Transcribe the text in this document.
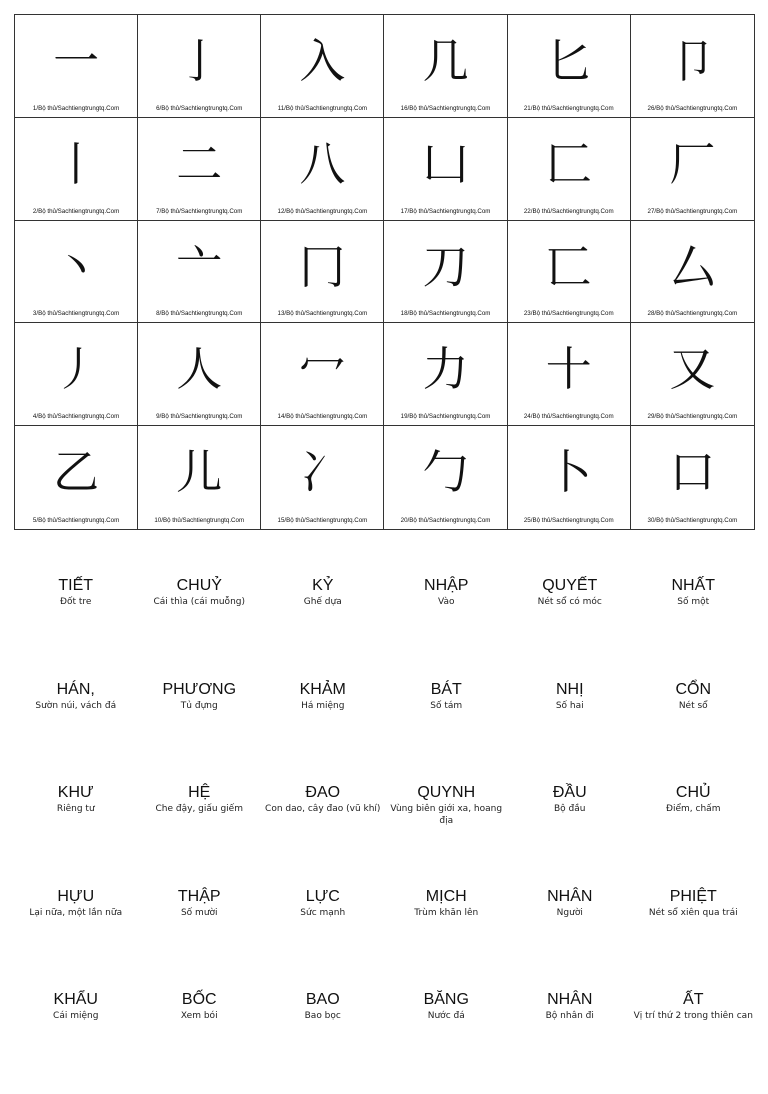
一
1/Bộ thủ/Sachtiengtrungtq.Com
亅
6/Bộ thủ/Sachtiengtrungtq.Com
入
11/Bộ thủ/Sachtiengtrungtq.Com
几
16/Bộ thủ/Sachtiengtrungtq.Com
匕
21/Bộ thủ/Sachtiengtrungtq.Com
卩
26/Bộ thủ/Sachtiengtrungtq.Com
丨
2/Bộ thủ/Sachtiengtrungtq.Com
二
7/Bộ thủ/Sachtiengtrungtq.Com
八
12/Bộ thủ/Sachtiengtrungtq.Com
凵
17/Bộ thủ/Sachtiengtrungtq.Com
匚
22/Bộ thủ/Sachtiengtrungtq.Com
厂
27/Bộ thủ/Sachtiengtrungtq.Com
丶
3/Bộ thủ/Sachtiengtrungtq.Com
亠
8/Bộ thủ/Sachtiengtrungtq.Com
冂
13/Bộ thủ/Sachtiengtrungtq.Com
刀
18/Bộ thủ/Sachtiengtrungtq.Com
匸
23/Bộ thủ/Sachtiengtrungtq.Com
厶
28/Bộ thủ/Sachtiengtrungtq.Com
丿
4/Bộ thủ/Sachtiengtrungtq.Com
人
9/Bộ thủ/Sachtiengtrungtq.Com
冖
14/Bộ thủ/Sachtiengtrungtq.Com
力
19/Bộ thủ/Sachtiengtrungtq.Com
十
24/Bộ thủ/Sachtiengtrungtq.Com
又
29/Bộ thủ/Sachtiengtrungtq.Com
乙
5/Bộ thủ/Sachtiengtrungtq.Com
儿
10/Bộ thủ/Sachtiengtrungtq.Com
冫
15/Bộ thủ/Sachtiengtrungtq.Com
勹
20/Bộ thủ/Sachtiengtrungtq.Com
卜
25/Bộ thủ/Sachtiengtrungtq.Com
口
30/Bộ thủ/Sachtiengtrungtq.Com
TIẾT
Đốt tre
CHUỶ
Cái thìa (cái muỗng)
KỶ
Ghế dựa
NHẬP
Vào
QUYẾT
Nét sổ có móc
NHẤT
Số một
HÁN,
Sườn núi, vách đá
PHƯƠNG
Tủ đựng
KHẢM
Há miệng
BÁT
Số tám
NHỊ
Số hai
CỔN
Nét sổ
KHƯ
Riêng tư
HỆ
Che đậy, giấu giếm
ĐAO
Con dao, cây đao (vũ khí)
QUYNH
Vùng biên giới xa, hoang địa
ĐẦU
Bộ đầu
CHỦ
Điểm, chấm
HỰU
Lại nữa, một lần nữa
THẬP
Số mười
LỰC
Sức mạnh
MỊCH
Trùm khăn lên
NHÂN
Người
PHIỆT
Nét sổ xiên qua trái
KHẨU
Cái miệng
BỐC
Xem bói
BAO
Bao bọc
BĂNG
Nước đá
NHÂN
Bộ nhân đi
ẤT
Vị trí thứ 2 trong thiên can
